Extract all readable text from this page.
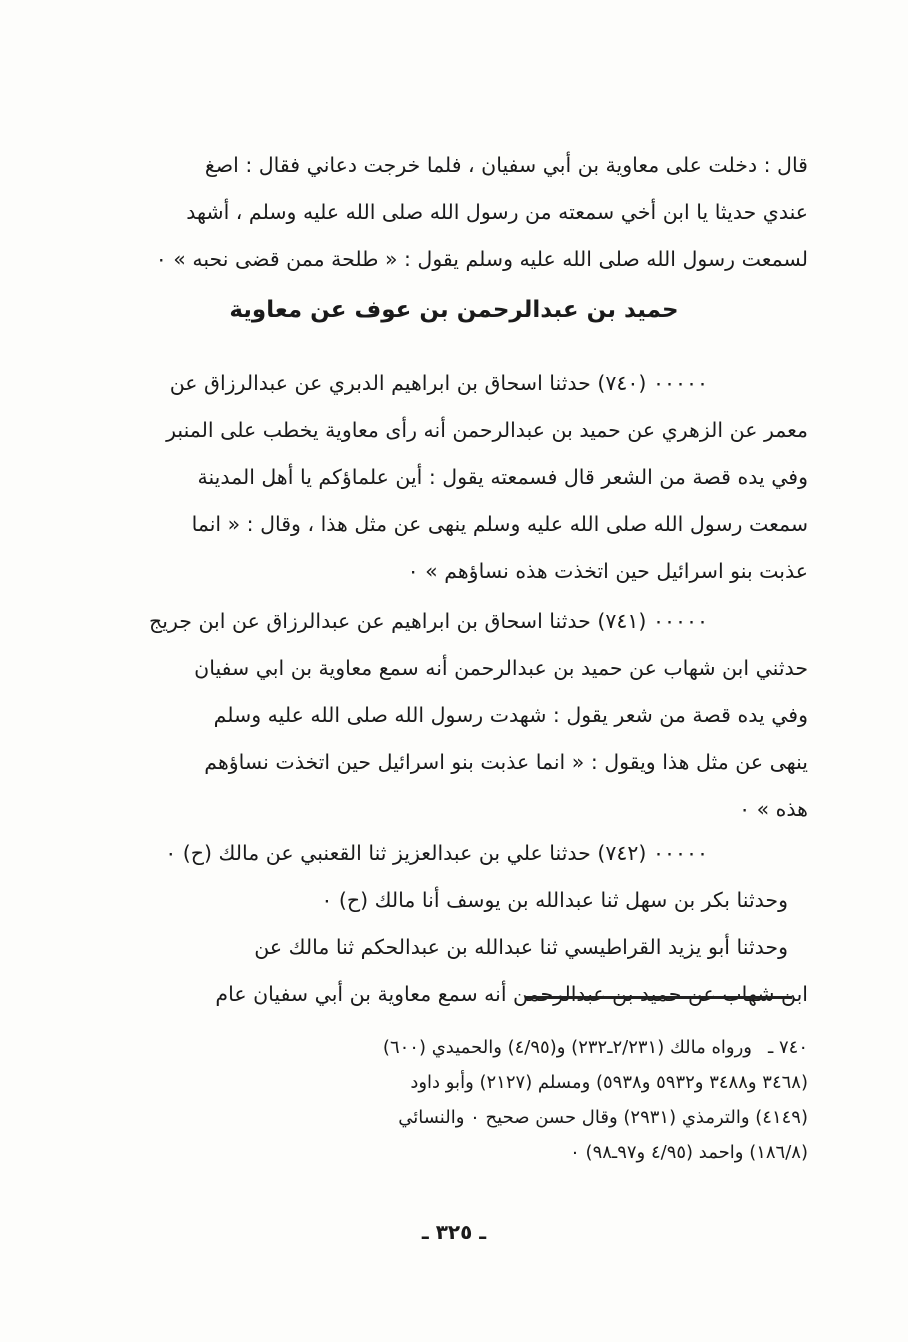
قال : دخلت على معاوية بن أبي سفيان ، فلما خرجت دعاني فقال : اصغ
عندي حديثا يا ابن أخي سمعته من رسول الله صلى الله عليه وسلم ، أشهد
لسمعت رسول الله صلى الله عليه وسلم يقول : « طلحة ممن قضى نحبه » ٠
حميد بن عبدالرحمن بن عوف عن معاوية
٠٠٠٠٠ (٧٤٠) حدثنا اسحاق بن ابراهيم الدبري عن عبدالرزاق عن
معمر عن الزهري عن حميد بن عبدالرحمن أنه رأى معاوية يخطب على المنبر
وفي يده قصة من الشعر قال فسمعته يقول : أين علماؤكم يا أهل المدينة
سمعت رسول الله صلى الله عليه وسلم ينهى عن مثل هذا ، وقال : « انما
عذبت بنو اسرائيل حين اتخذت هذه نساؤهم » ٠
٠٠٠٠٠ (٧٤١) حدثنا اسحاق بن ابراهيم عن عبدالرزاق عن ابن جريج
حدثني ابن شهاب عن حميد بن عبدالرحمن أنه سمع معاوية بن ابي سفيان
وفي يده قصة من شعر يقول : شهدت رسول الله صلى الله عليه وسلم
ينهى عن مثل هذا ويقول : « انما عذبت بنو اسرائيل حين اتخذت نساؤهم
هذه » ٠
٠٠٠٠٠ (٧٤٢) حدثنا علي بن عبدالعزيز ثنا القعنبي عن مالك (ح) ٠
وحدثنا بكر بن سهل ثنا عبدالله بن يوسف أنا مالك (ح) ٠
وحدثنا أبو يزيد القراطيسي ثنا عبدالله بن عبدالحكم ثنا مالك عن
ابن شهاب عن حميد بن عبدالرحمن أنه سمع معاوية بن أبي سفيان عام
٧٤٠ ـورواه مالك (٢/٢٣١ـ٢٣٢) و(٤/٩٥) والحميدي (٦٠٠)
(٣٤٦٨ و٣٤٨٨ و٥٩٣٢ و٥٩٣٨) ومسلم (٢١٢٧) وأبو داود
(٤١٤٩) والترمذي (٢٩٣١) وقال حسن صحيح ٠ والنسائي
(١٨٦/٨) واحمد (٤/٩٥ و٩٧ـ٩٨) ٠
ـ ٣٢٥ ـ
